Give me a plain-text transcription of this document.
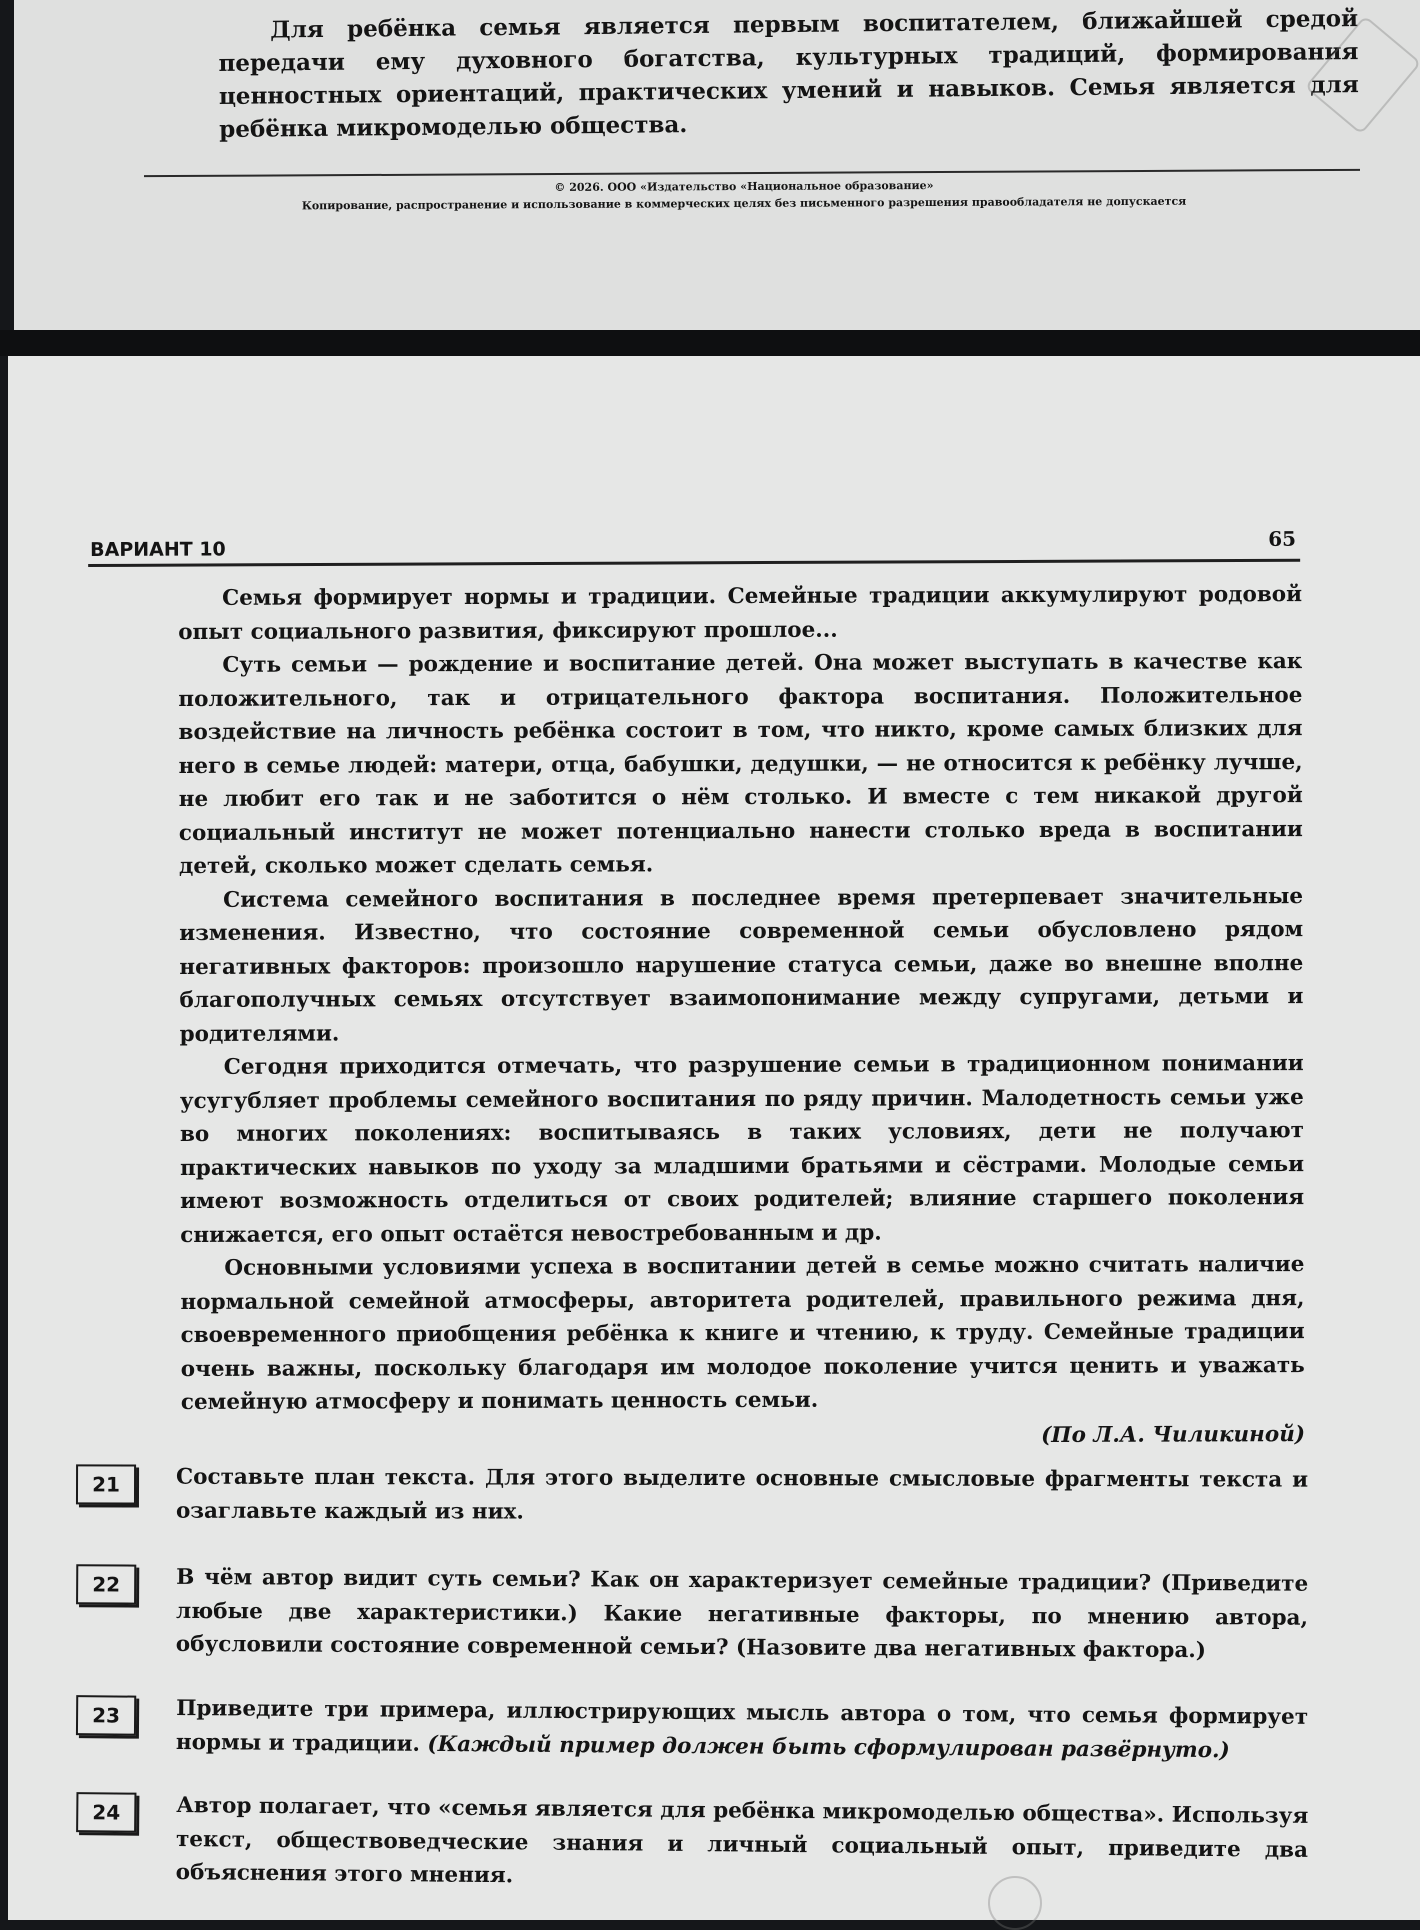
Для ребёнка семья является первым воспитателем, ближайшей средой передачи ему духовного богатства, культурных традиций, формирования ценностных ориентаций, практических умений и навыков. Семья является для ребёнка микромоделью общества.
© 2026. ООО «Издательство «Национальное образование»
Копирование, распространение и использование в коммерческих целях без письменного разрешения правообладателя не допускается
ВАРИАНТ 10	65

Семья формирует нормы и традиции. Семейные традиции аккумулируют родовой опыт социального развития, фиксируют прошлое...

Суть семьи — рождение и воспитание детей. Она может выступать в качестве как положительного, так и отрицательного фактора воспитания. Положительное воздействие на личность ребёнка состоит в том, что никто, кроме самых близких для него в семье людей: матери, отца, бабушки, дедушки, — не относится к ребёнку лучше, не любит его так и не заботится о нём столько. И вместе с тем никакой другой социальный институт не может потенциально нанести столько вреда в воспитании детей, сколько может сделать семья.

Система семейного воспитания в последнее время претерпевает значительные изменения. Известно, что состояние современной семьи обусловлено рядом негативных факторов: произошло нарушение статуса семьи, даже во внешне вполне благополучных семьях отсутствует взаимопонимание между супругами, детьми и родителями.

Сегодня приходится отмечать, что разрушение семьи в традиционном понимании усугубляет проблемы семейного воспитания по ряду причин. Малодетность семьи уже во многих поколениях: воспитываясь в таких условиях, дети не получают практических навыков по уходу за младшими братьями и сёстрами. Молодые семьи имеют возможность отделиться от своих родителей; влияние старшего поколения снижается, его опыт остаётся невостребованным и др.

Основными условиями успеха в воспитании детей в семье можно считать наличие нормальной семейной атмосферы, авторитета родителей, правильного режима дня, своевременного приобщения ребёнка к книге и чтению, к труду. Семейные традиции очень важны, поскольку благодаря им молодое поколение учится ценить и уважать семейную атмосферу и понимать ценность семьи.

(По Л.А. Чиликиной)
21	Составьте план текста. Для этого выделите основные смысловые фрагменты текста и озаглавьте каждый из них.
22	В чём автор видит суть семьи? Как он характеризует семейные традиции? (Приведите любые две характеристики.) Какие негативные факторы, по мнению автора, обусловили состояние современной семьи? (Назовите два негативных фактора.)
23	Приведите три примера, иллюстрирующих мысль автора о том, что семья формирует нормы и традиции. (Каждый пример должен быть сформулирован развёрнуто.)
24	Автор полагает, что «семья является для ребёнка микромоделью общества». Используя текст, обществоведческие знания и личный социальный опыт, приведите два объяснения этого мнения.
